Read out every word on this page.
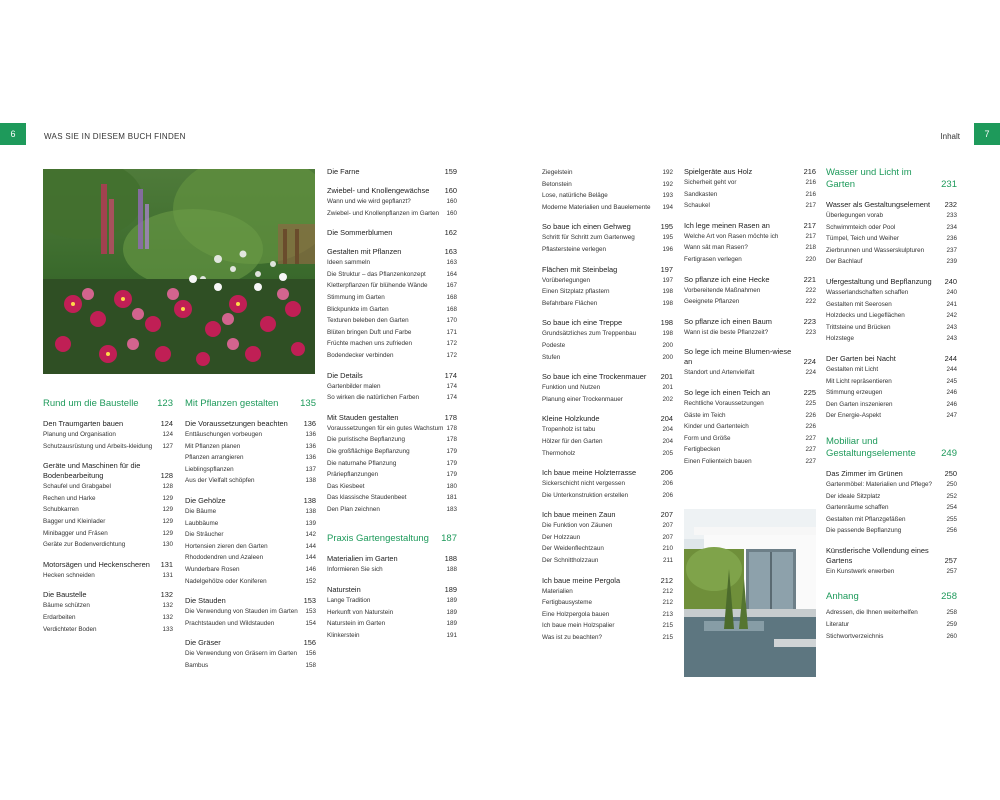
6	WAS SIE IN DIESEM BUCH FINDEN	Inhalt	7
Rund um die Baustelle	123
Den Traumgarten bauen	124
Planung und Organisation	124
Schutzausrüstung und Arbeits-kleidung	127
Geräte und Maschinen für die Bodenbearbeitung	128
Schaufel und Grabgabel	128
Rechen und Harke	129
Schubkarren	129
Bagger und Kleinlader	129
Minibagger und Fräsen	129
Geräte zur Bodenverdichtung	130
Motorsägen und Heckenscheren	131
Hecken schneiden	131
Die Baustelle	132
Bäume schützen	132
Erdarbeiten	132
Verdichteter Boden	133
Mit Pflanzen gestalten	135
Die Voraussetzungen beachten	136
Enttäuschungen vorbeugen	136
Mit Pflanzen planen	136
Pflanzen arrangieren	136
Lieblingspflanzen	137
Aus der Vielfalt schöpfen	138
Die Gehölze	138
Die Bäume	138
Laubbäume	139
Die Sträucher	142
Hortensien zieren den Garten	144
Rhododendren und Azaleen	144
Wunderbare Rosen	146
Nadelgehölze oder Koniferen	152
Die Stauden	153
Die Verwendung von Stauden im Garten	153
Prachtstauden und Wildstauden	154
Die Gräser	156
Die Verwendung von Gräsern im Garten	156
Bambus	158
Die Farne	159
Zwiebel- und Knollengewächse	160
Wann und wie wird gepflanzt?	160
Zwiebel- und Knollenpflanzen im Garten	160
Die Sommerblumen	162
Gestalten mit Pflanzen	163
Ideen sammeln	163
Die Struktur – das Pflanzenkonzept	164
Kletterpflanzen für blühende Wände	167
Stimmung im Garten	168
Blickpunkte im Garten	168
Texturen beleben den Garten	170
Blüten bringen Duft und Farbe	171
Früchte machen uns zufrieden	172
Bodendecker verbinden	172
Die Details	174
Gartenbilder malen	174
So wirken die natürlichen Farben	174
Mit Stauden gestalten	178
Voraussetzungen für ein gutes Wachstum 178
Die puristische Bepflanzung	178
Die großflächige Bepflanzung	179
Die naturnahe Pflanzung	179
Präriepflanzungen	179
Das Kiesbeet	180
Das klassische Staudenbeet	181
Den Plan zeichnen	183
Praxis Gartengestaltung	187
Materialien im Garten	188
Informieren Sie sich	188
Naturstein	189
Lange Tradition	189
Herkunft von Naturstein	189
Naturstein im Garten	189
Klinkerstein	191
Ziegelstein	192
Betonstein	192
Lose, natürliche Beläge	193
Moderne Materialien und Bauelemente	194
So baue ich einen Gehweg	195
Schritt für Schritt zum Gartenweg	195
Pflastersteine verlegen	196
Flächen mit Steinbelag	197
Vorüberlegungen	197
Einen Sitzplatz pflastern	198
Befahrbare Flächen	198
So baue ich eine Treppe	198
Grundsätzliches zum Treppenbau	198
Podeste	200
Stufen	200
So baue ich eine Trockenmauer	201
Funktion und Nutzen	201
Planung einer Trockenmauer	202
Kleine Holzkunde	204
Tropenholz ist tabu	204
Hölzer für den Garten	204
Thermoholz	205
Ich baue meine Holzterrasse	206
Sickerschicht nicht vergessen	206
Die Unterkonstruktion erstellen	206
Ich baue meinen Zaun	207
Die Funktion von Zäunen	207
Der Holzzaun	207
Der Weidenflechtzaun	210
Der Schnittholzzaun	211
Ich baue meine Pergola	212
Materialien	212
Fertigbausysteme	212
Eine Holzpergola bauen	213
Ich baue mein Holzspalier	215
Was ist zu beachten?	215
Spielgeräte aus Holz	216
Sicherheit geht vor	216
Sandkasten	216
Schaukel	217
Ich lege meinen Rasen an	217
Welche Art von Rasen möchte ich	217
Wann sät man Rasen?	218
Fertigrasen verlegen	220
So pflanze ich eine Hecke	221
Vorbereitende Maßnahmen	222
Geeignete Pflanzen	222
So pflanze ich einen Baum	223
Wann ist die beste Pflanzzeit?	223
So lege ich meine Blumen-wiese an	224
Standort und Artenvielfalt	224
So lege ich einen Teich an	225
Rechtliche Voraussetzungen	225
Gäste im Teich	226
Kinder und Gartenteich	226
Form und Größe	227
Fertigbecken	227
Einen Folienteich bauen	227
Wasser und Licht im Garten	231
Wasser als Gestaltungselement	232
Überlegungen vorab	233
Schwimmteich oder Pool	234
Tümpel, Teich und Weiher	236
Zierbrunnen und Wasserskulpturen	237
Der Bachlauf	239
Ufergestaltung und Bepflanzung	240
Wasserlandschaften schaffen	240
Gestalten mit Seerosen	241
Holzdecks und Liegeflächen	242
Trittsteine und Brücken	243
Holzstege	243
Der Garten bei Nacht	244
Gestalten mit Licht	244
Mit Licht repräsentieren	245
Stimmung erzeugen	246
Den Garten inszenieren	246
Der Energie-Aspekt	247
Mobiliar und Gestaltungselemente	249
Das Zimmer im Grünen	250
Gartenmöbel: Materialien und Pflege?	250
Der ideale Sitzplatz	252
Gartenräume schaffen	254
Gestalten mit Pflanzgefäßen	255
Die passende Bepflanzung	256
Künstlerische Vollendung eines Gartens	257
Ein Kunstwerk erwerben	257
Anhang	258
Adressen, die Ihnen weiterhelfen	258
Literatur	259
Stichwortverzeichnis	260
